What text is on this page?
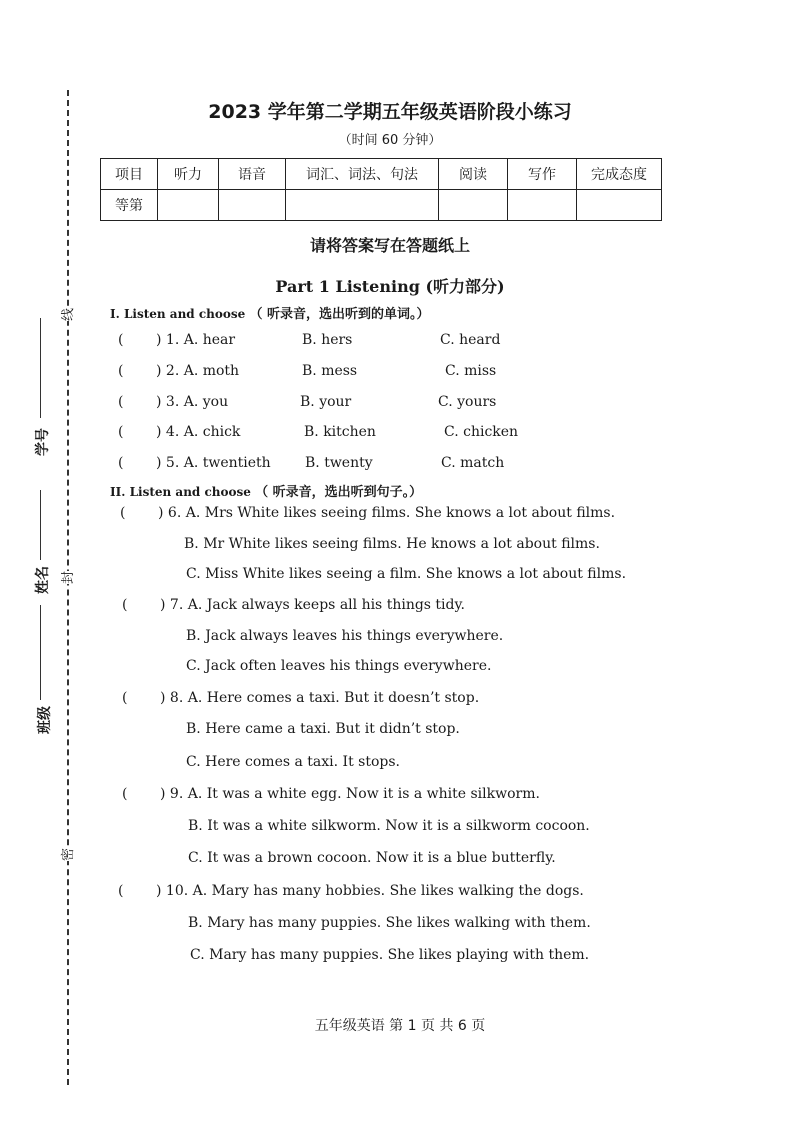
线
封
密
学号
姓名
班级
2023 学年第二学期五年级英语阶段小练习
（时间 60 分钟）
项目	听力	语音	词汇、词法、句法	阅读	写作	完成态度
等第						
请将答案写在答题纸上
Part 1 Listening (听力部分)
I. Listen and choose （ 听录音，选出听到的单词。）
( ) 1. A. hear	B. hers	C. heard
( ) 2. A. moth	B. mess	C. miss
( ) 3. A. you	B. your	C. yours
( ) 4. A. chick	B. kitchen	C. chicken
( ) 5. A. twentieth B. twenty	C. match
II. Listen and choose （ 听录音，选出听到句子。）
( ) 6. A. Mrs White likes seeing films. She knows a lot about films.
B. Mr White likes seeing films. He knows a lot about films.
C. Miss White likes seeing a film. She knows a lot about films.
( ) 7. A. Jack always keeps all his things tidy.
B. Jack always leaves his things everywhere.
C. Jack often leaves his things everywhere.
( ) 8. A. Here comes a taxi. But it doesn’t stop.
B. Here came a taxi. But it didn’t stop.
C. Here comes a taxi. It stops.
( ) 9. A. It was a white egg. Now it is a white silkworm.
B. It was a white silkworm. Now it is a silkworm cocoon.
C. It was a brown cocoon. Now it is a blue butterfly.
( ) 10. A. Mary has many hobbies. She likes walking the dogs.
B. Mary has many puppies. She likes walking with them.
C. Mary has many puppies. She likes playing with them.
五年级英语 第 1 页 共 6 页
